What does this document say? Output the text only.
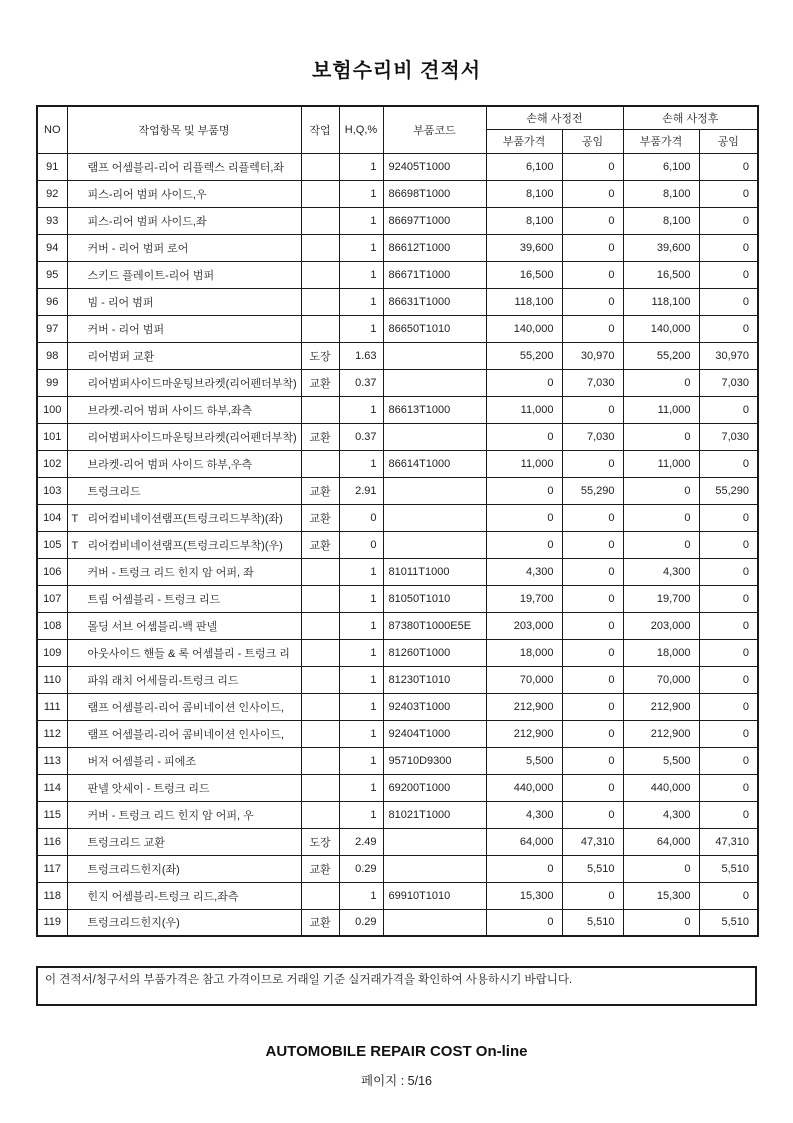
보험수리비 견적서
NO	작업항목 및 부품명	작업	H,Q,%	부품코드	손해 사정전		손해 사정후	
					부품가격	공임	부품가격	공임
91	램프 어셈블리-리어 리플렉스 리플렉터,좌		1	92405T1000	6,100	0	6,100	0
92	피스-리어 범퍼 사이드,우		1	86698T1000	8,100	0	8,100	0
93	피스-리어 범퍼 사이드,좌		1	86697T1000	8,100	0	8,100	0
94	커버 - 리어 범퍼 로어		1	86612T1000	39,600	0	39,600	0
95	스키드 플레이트-리어 범퍼		1	86671T1000	16,500	0	16,500	0
96	빔 - 리어 범퍼		1	86631T1000	118,100	0	118,100	0
97	커버 - 리어 범퍼		1	86650T1010	140,000	0	140,000	0
98	리어범퍼 교환	도장	1.63		55,200	30,970	55,200	30,970
99	리어범퍼사이드마운팅브라켓(리어펜더부착)	교환	0.37		0	7,030	0	7,030
100	브라켓-리어 범퍼 사이드 하부,좌측		1	86613T1000	11,000	0	11,000	0
101	리어범퍼사이드마운팅브라켓(리어펜더부착)	교환	0.37		0	7,030	0	7,030
102	브라켓-리어 범퍼 사이드 하부,우측		1	86614T1000	11,000	0	11,000	0
103	트렁크리드	교환	2.91		0	55,290	0	55,290
104	T 리어컴비네이션램프(트렁크리드부착)(좌)	교환	0		0	0	0	0
105	T 리어컴비네이션램프(트렁크리드부착)(우)	교환	0		0	0	0	0
106	커버 - 트렁크 리드 힌지 암 어퍼, 좌		1	81011T1000	4,300	0	4,300	0
107	트림 어셈블리 - 트렁크 리드		1	81050T1010	19,700	0	19,700	0
108	몰딩 서브 어셈블리-백 판넬		1	87380T1000E5E	203,000	0	203,000	0
109	아웃사이드 핸들 & 록 어셈블리 - 트렁크 리		1	81260T1000	18,000	0	18,000	0
110	파워 래치 어세믈리-트렁크 리드		1	81230T1010	70,000	0	70,000	0
111	램프 어셈블리-리어 콤비네이션 인사이드,		1	92403T1000	212,900	0	212,900	0
112	램프 어셈블리-리어 콤비네이션 인사이드,		1	92404T1000	212,900	0	212,900	0
113	버저 어셈블리 - 피에조		1	95710D9300	5,500	0	5,500	0
114	판넬 앗세이 - 트렁크 리드		1	69200T1000	440,000	0	440,000	0
115	커버 - 트렁크 리드 힌지 암 어퍼, 우		1	81021T1000	4,300	0	4,300	0
116	트렁크리드 교환	도장	2.49		64,000	47,310	64,000	47,310
117	트렁크리드힌지(좌)	교환	0.29		0	5,510	0	5,510
118	힌지 어셈블리-트렁크 리드,좌측		1	69910T1010	15,300	0	15,300	0
119	트렁크리드힌지(우)	교환	0.29		0	5,510	0	5,510
이 견적서/청구서의 부품가격은 참고 가격이므로 거래일 기준 실거래가격을 확인하여 사용하시기 바랍니다.
AUTOMOBILE REPAIR COST On-line
페이지 : 5/16
